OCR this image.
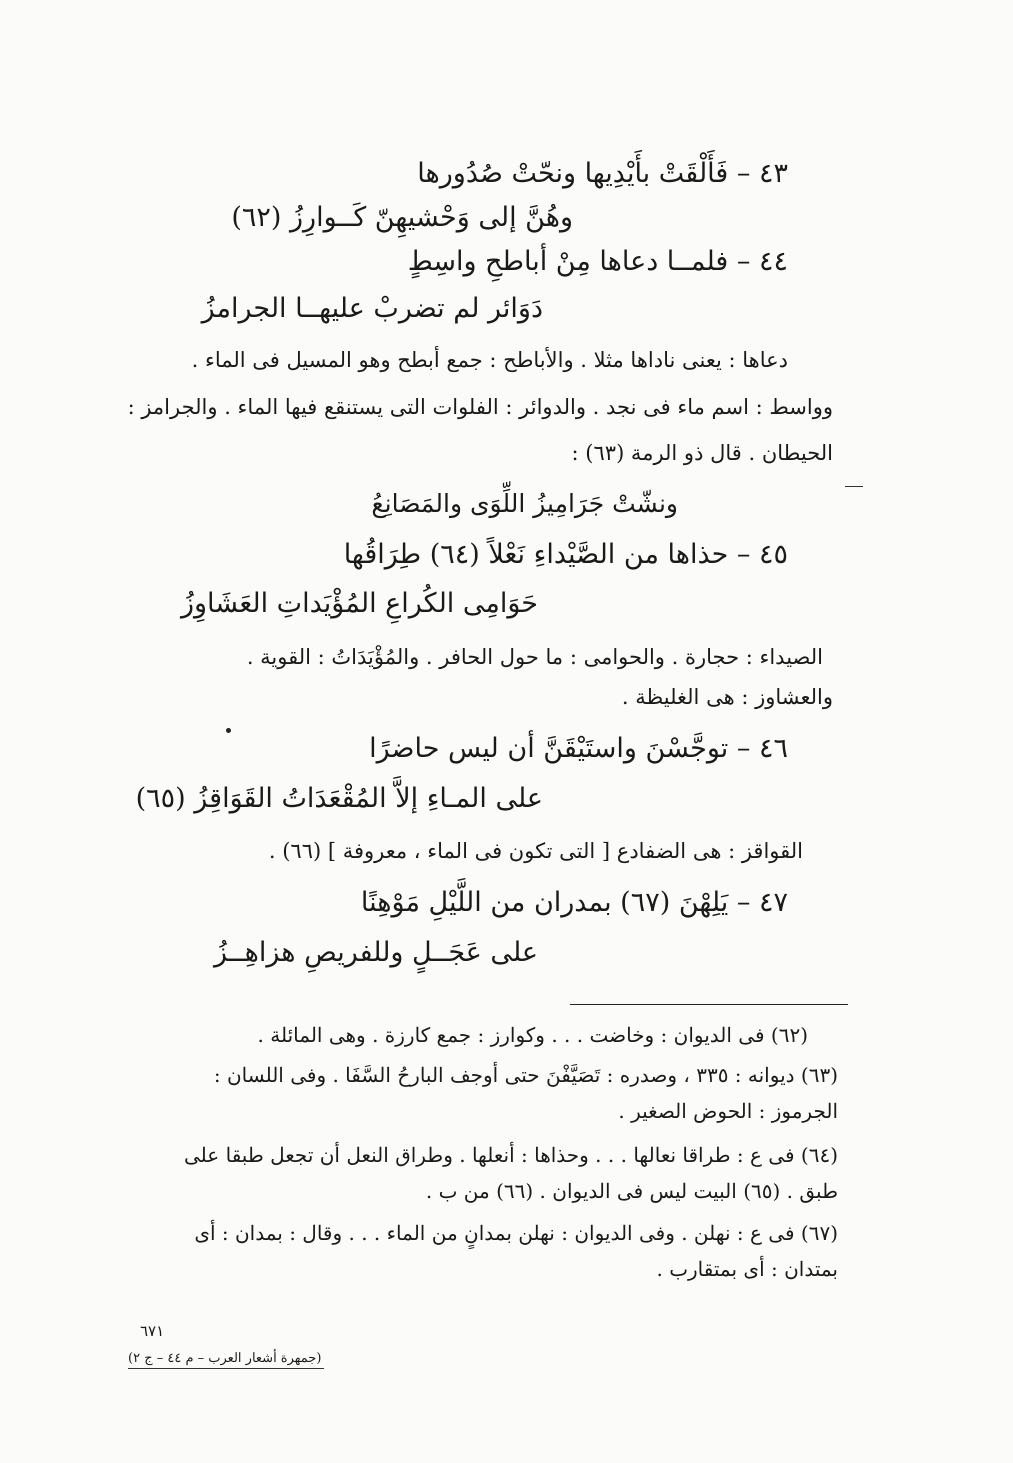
٤٣ – فَأَلْقَتْ بأَيْدِيها ونحّتْ صُدُورها
وهُنَّ إلى وَحْشيهِنّ كَــوارِزُ (٦٢)
٤٤ – فلمــا دعاها مِنْ أباطحِ واسِطٍ
دَوَائر لم تضربْ عليهــا الجرامزُ
دعاها : يعنى ناداها مثلا . والأباطح : جمع أبطح وهو المسيل فى الماء .
وواسط : اسم ماء فى نجد . والدوائر : الفلوات التى يستنقع فيها الماء . والجرامز :
الحيطان . قال ذو الرمة (٦٣) :
ونشّتْ جَرَامِيزُ اللِّوَى والمَصَانِعُ
٤٥ – حذاها من الصَّيْداءِ نَعْلاً (٦٤) طِرَاقُها
حَوَامِى الكُراعِ المُؤْيَداتِ العَشَاوِزُ
الصيداء : حجارة . والحوامى : ما حول الحافر . والمُؤْيَدَاتُ : القوية .
والعشاوز : هى الغليظة .
٤٦ – توجَّسْنَ واستَيْقَنَّ أن ليس حاضرًا
على المـاءِ إلاَّ المُقْعَدَاتُ القَوَاقِزُ (٦٥)
القواقز : هى الضفادع [ التى تكون فى الماء ، معروفة ] (٦٦) .
٤٧ – يَلِهْنَ (٦٧) بمدران من اللَّيْلِ مَوْهِنًا
على عَجَــلٍ وللفريصِ هزاهِــزُ
(٦٢) فى الديوان : وخاضت . . . وكوارز : جمع كارزة . وهى المائلة .
(٦٣) ديوانه : ٣٣٥ ، وصدره : تَصَيَّفْنَ حتى أوجف البارحُ السَّفَا . وفى اللسان :
الجرموز : الحوض الصغير .
(٦٤) فى ع : طراقا نعالها . . . وحذاها : أنعلها . وطراق النعل أن تجعل طبقا على
طبق . (٦٥) البيت ليس فى الديوان . (٦٦) من ب .
(٦٧) فى ع : نهلن . وفى الديوان : نهلن بمدانٍ من الماء . . . وقال : بمدان : أى
بمتدان : أى بمتقارب .
٦٧١
(جمهرة أشعار العرب – م ٤٤ – ج ٢)
